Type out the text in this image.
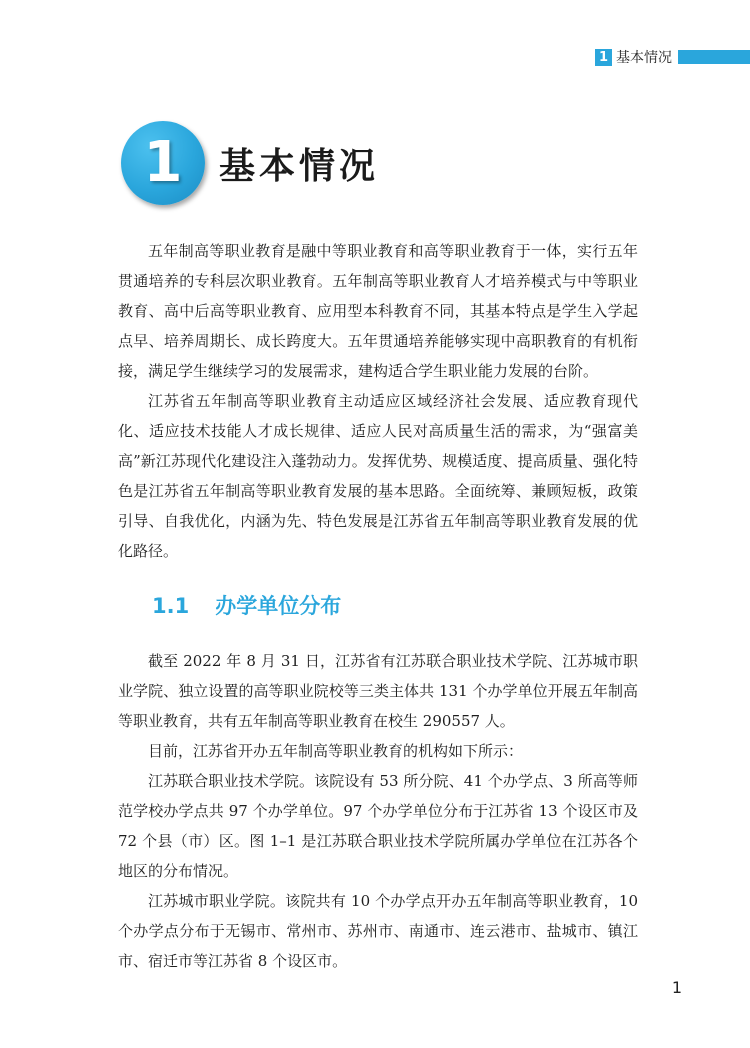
1 基本情况
1 基本情况

五年制高等职业教育是融中等职业教育和高等职业教育于一体，实行五年贯通培养的专科层次职业教育。五年制高等职业教育人才培养模式与中等职业教育、高中后高等职业教育、应用型本科教育不同，其基本特点是学生入学起点早、培养周期长、成长跨度大。五年贯通培养能够实现中高职教育的有机衔接，满足学生继续学习的发展需求，建构适合学生职业能力发展的台阶。

江苏省五年制高等职业教育主动适应区域经济社会发展、适应教育现代化、适应技术技能人才成长规律、适应人民对高质量生活的需求，为“强富美高”新江苏现代化建设注入蓬勃动力。发挥优势、规模适度、提高质量、强化特色是江苏省五年制高等职业教育发展的基本思路。全面统筹、兼顾短板，政策引导、自我优化，内涵为先、特色发展是江苏省五年制高等职业教育发展的优化路径。

1.1 办学单位分布

截至 2022 年 8 月 31 日，江苏省有江苏联合职业技术学院、江苏城市职业学院、独立设置的高等职业院校等三类主体共 131 个办学单位开展五年制高等职业教育，共有五年制高等职业教育在校生 290557 人。

目前，江苏省开办五年制高等职业教育的机构如下所示：

江苏联合职业技术学院。该院设有 53 所分院、41 个办学点、3 所高等师范学校办学点共 97 个办学单位。97 个办学单位分布于江苏省 13 个设区市及 72 个县（市）区。图 1–1 是江苏联合职业技术学院所属办学单位在江苏各个地区的分布情况。

江苏城市职业学院。该院共有 10 个办学点开办五年制高等职业教育，10 个办学点分布于无锡市、常州市、苏州市、南通市、连云港市、盐城市、镇江市、宿迁市等江苏省 8 个设区市。

1
